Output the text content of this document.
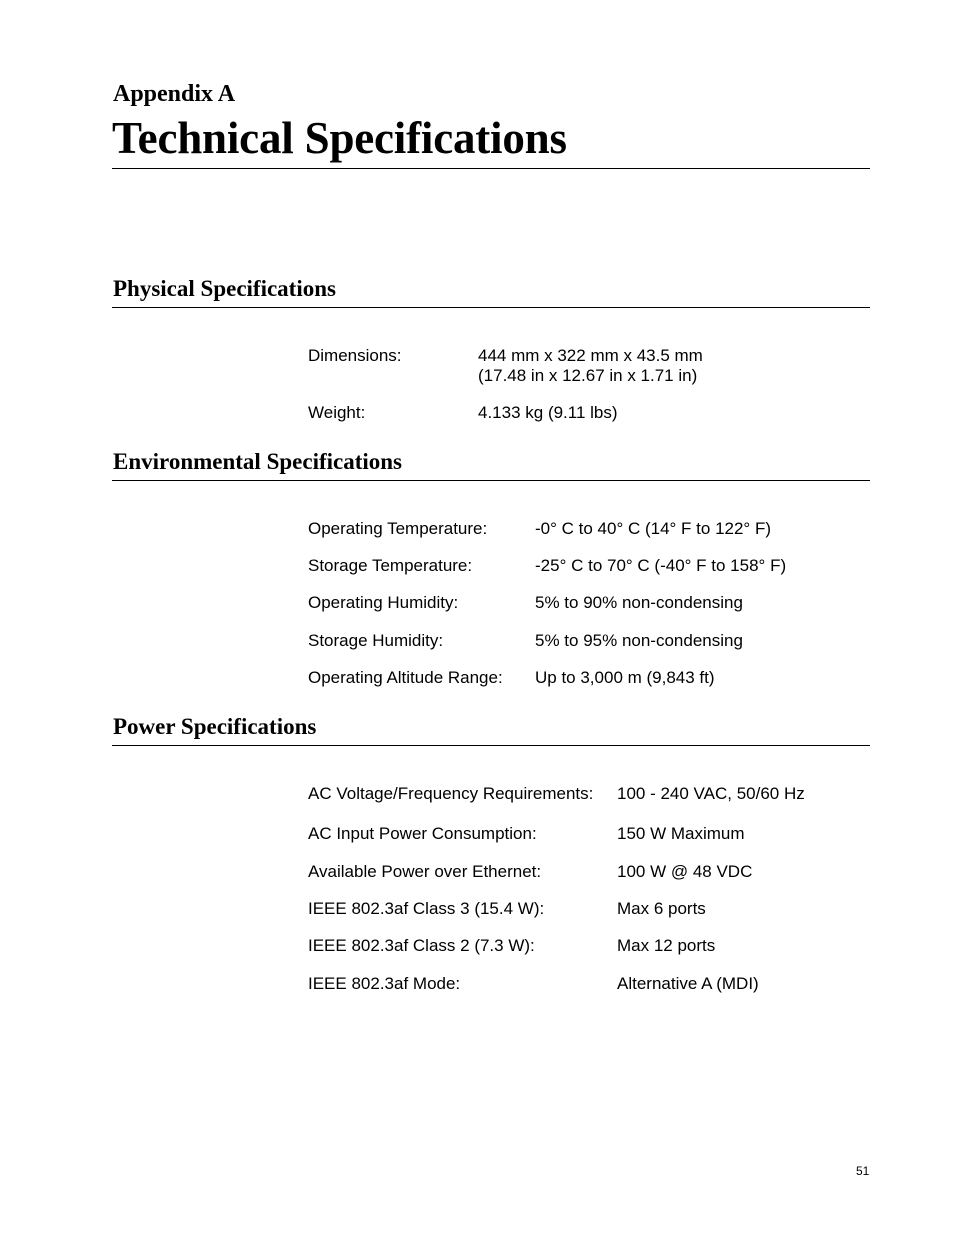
Appendix A
Technical Specifications
Physical Specifications
Dimensions:	444 mm x 322 mm x 43.5 mm
(17.48 in x 12.67 in x 1.71 in)
Weight:	4.133 kg (9.11 lbs)
Environmental Specifications
Operating Temperature:	-0° C to 40° C (14° F to 122° F)
Storage Temperature:	-25° C to 70° C (-40° F to 158° F)
Operating Humidity:	5% to 90% non-condensing
Storage Humidity:	5% to 95% non-condensing
Operating Altitude Range: Up to 3,000 m (9,843 ft)
Power Specifications
AC Voltage/Frequency Requirements: 100 - 240 VAC, 50/60 Hz
AC Input Power Consumption:	150 W Maximum
Available Power over Ethernet:	100 W @ 48 VDC
IEEE 802.3af Class 3 (15.4 W):	Max 6 ports
IEEE 802.3af Class 2 (7.3 W):	Max 12 ports
IEEE 802.3af Mode:	Alternative A (MDI)
51
